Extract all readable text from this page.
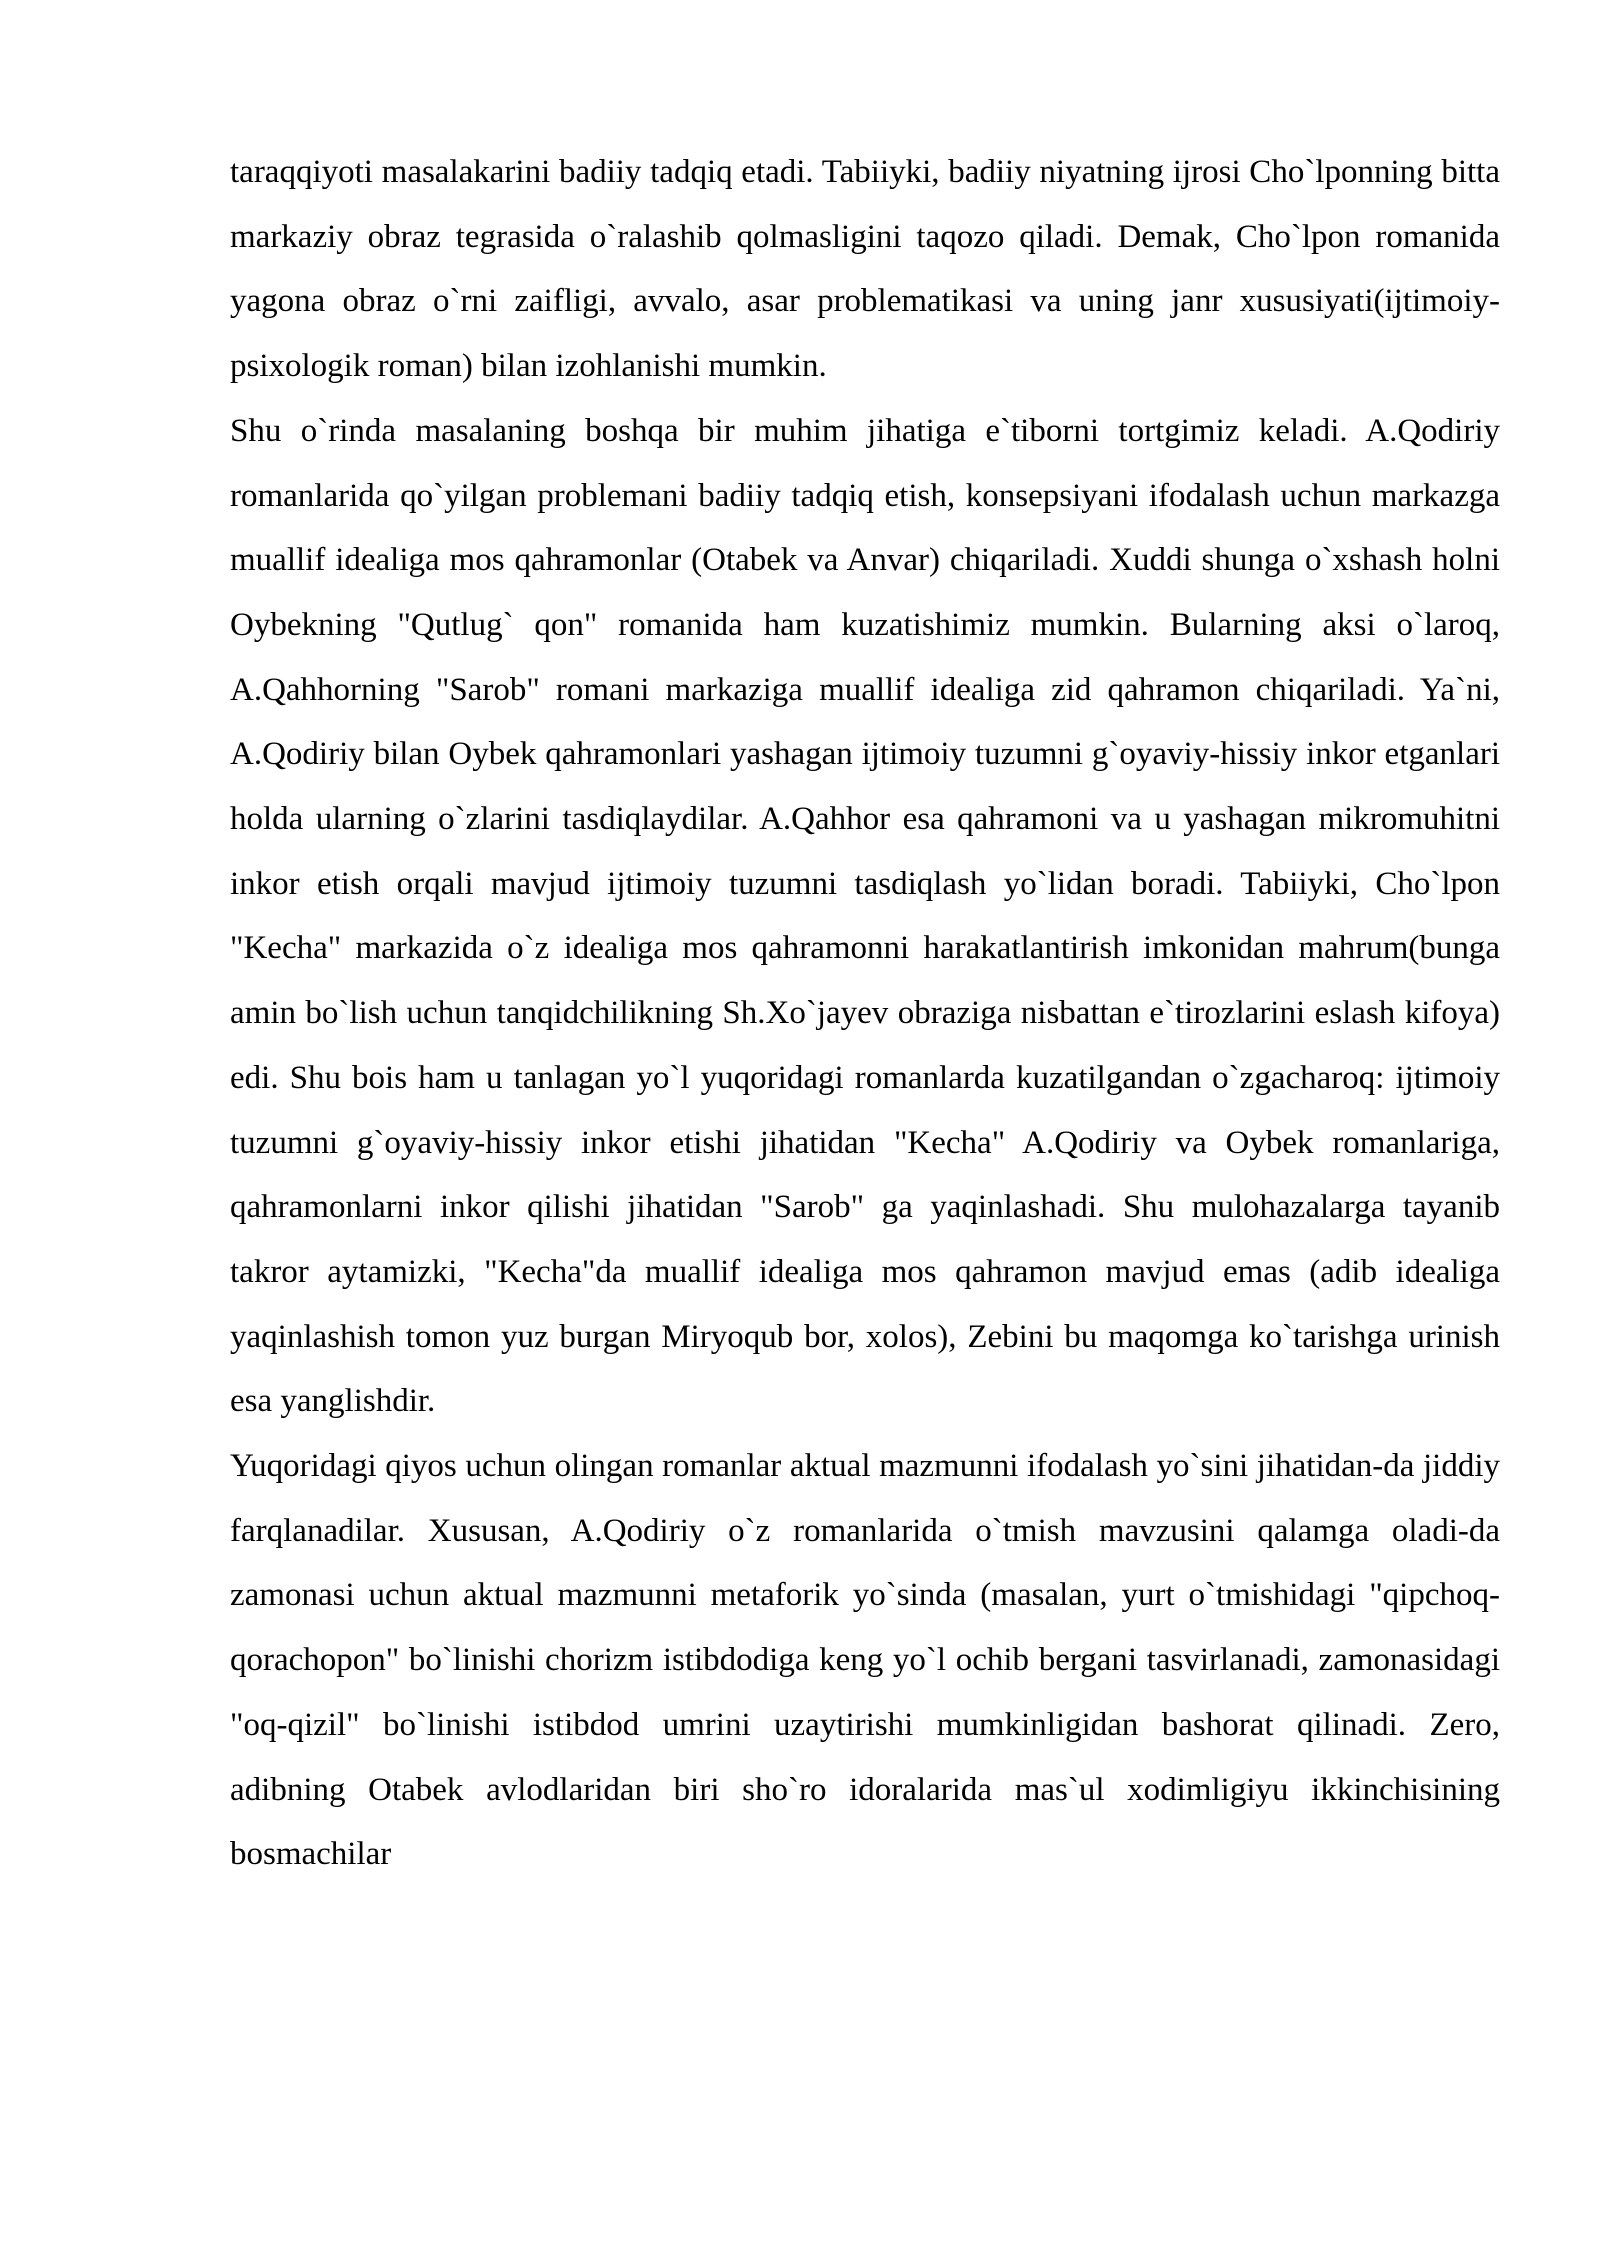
taraqqiyoti masalakarini badiiy tadqiq etadi. Tabiiyki, badiiy niyatning ijrosi Cho`lponning bitta markaziy obraz tegrasida o`ralashib qolmasligini taqozo qiladi. Demak, Cho`lpon romanida yagona obraz o`rni zaifligi, avvalo, asar problematikasi va uning janr xususiyati(ijtimoiy-psixologik roman) bilan izohlanishi mumkin.

Shu o`rinda masalaning boshqa bir muhim jihatiga e`tiborni tortgimiz keladi. A.Qodiriy romanlarida qo`yilgan problemani badiiy tadqiq etish, konsepsiyani ifodalash uchun markazga muallif idealiga mos qahramonlar (Otabek va Anvar) chiqariladi. Xuddi shunga o`xshash holni Oybekning "Qutlug` qon" romanida ham kuzatishimiz mumkin. Bularning aksi o`laroq, A.Qahhorning "Sarob" romani markaziga muallif idealiga zid qahramon chiqariladi. Ya`ni, A.Qodiriy bilan Oybek qahramonlari yashagan ijtimoiy tuzumni g`oyaviy-hissiy inkor etganlari holda ularning o`zlarini tasdiqlaydilar. A.Qahhor esa qahramoni va u yashagan mikromuhitni inkor etish orqali mavjud ijtimoiy tuzumni tasdiqlash yo`lidan boradi. Tabiiyki, Cho`lpon "Kecha" markazida o`z idealiga mos qahramonni harakatlantirish imkonidan mahrum(bunga amin bo`lish uchun tanqidchilikning Sh.Xo`jayev obraziga nisbattan e`tirozlarini eslash kifoya) edi. Shu bois ham u tanlagan yo`l yuqoridagi romanlarda kuzatilgandan o`zgacharoq: ijtimoiy tuzumni g`oyaviy-hissiy inkor etishi jihatidan "Kecha" A.Qodiriy va Oybek romanlariga, qahramonlarni inkor qilishi jihatidan "Sarob" ga yaqinlashadi. Shu mulohazalarga tayanib takror aytamizki, "Kecha"da muallif idealiga mos qahramon mavjud emas (adib idealiga yaqinlashish tomon yuz burgan Miryoqub bor, xolos), Zebini bu maqomga ko`tarishga urinish esa yanglishdir.

Yuqoridagi qiyos uchun olingan romanlar aktual mazmunni ifodalash yo`sini jihatidan-da jiddiy farqlanadilar. Xususan, A.Qodiriy o`z romanlarida o`tmish mavzusini qalamga oladi-da zamonasi uchun aktual mazmunni metaforik yo`sinda (masalan, yurt o`tmishidagi "qipchoq-qorachopon" bo`linishi chorizm istibdodiga keng yo`l ochib bergani tasvirlanadi, zamonasidagi "oq-qizil" bo`linishi istibdod umrini uzaytirishi mumkinligidan bashorat qilinadi. Zero, adibning Otabek avlodlaridan biri sho`ro idoralarida mas`ul xodimligiyu ikkinchisining bosmachilar
